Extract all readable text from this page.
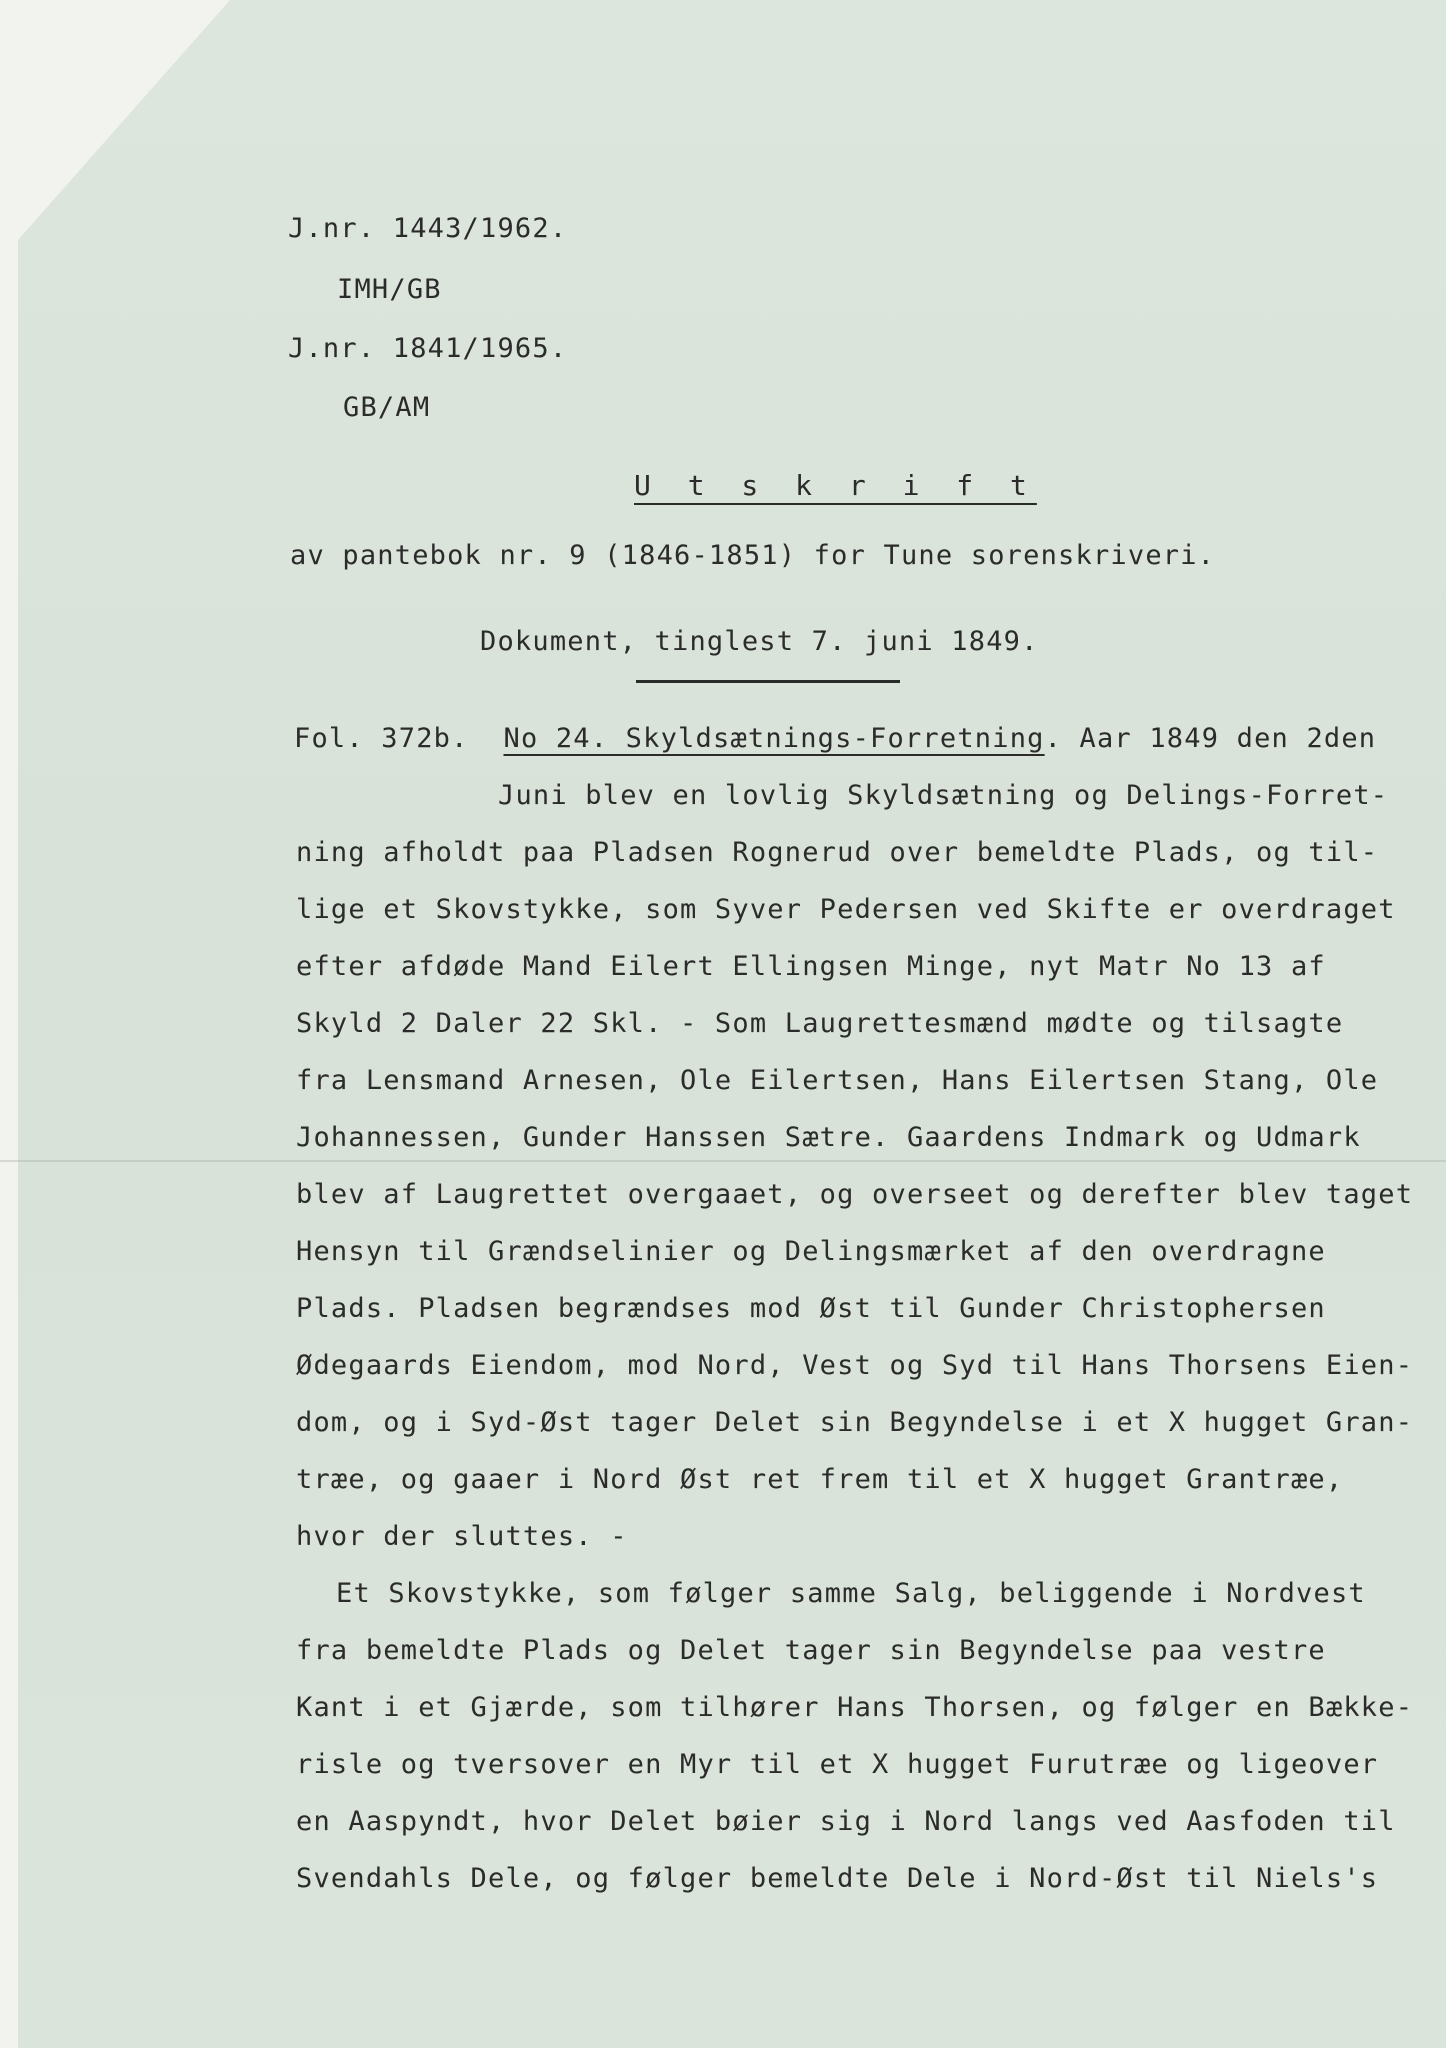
J.nr. 1443/1962.

IMH/GB

J.nr. 1841/1965.

GB/AM

U t s k r i f t

av pantebok nr. 9 (1846-1851) for Tune sorenskriveri.

Dokument, tinglest 7. juni 1849.

Fol. 372b. No 24. Skyldsætnings-Forretning. Aar 1849 den 2den

Juni blev en lovlig Skyldsætning og Delings-Forret-

ning afholdt paa Pladsen Rognerud over bemeldte Plads, og til-

lige et Skovstykke, som Syver Pedersen ved Skifte er overdraget

efter afdøde Mand Eilert Ellingsen Minge, nyt Matr No 13 af

Skyld 2 Daler 22 Skl. - Som Laugrettesmænd mødte og tilsagte

fra Lensmand Arnesen, Ole Eilertsen, Hans Eilertsen Stang, Ole

Johannessen, Gunder Hanssen Sætre. Gaardens Indmark og Udmark

blev af Laugrettet overgaaet, og overseet og derefter blev taget

Hensyn til Grændselinier og Delingsmærket af den overdragne

Plads. Pladsen begrændses mod Øst til Gunder Christophersen

Ødegaards Eiendom, mod Nord, Vest og Syd til Hans Thorsens Eien-

dom, og i Syd-Øst tager Delet sin Begyndelse i et X hugget Gran-

træe, og gaaer i Nord Øst ret frem til et X hugget Grantræe,

hvor der sluttes. -

Et Skovstykke, som følger samme Salg, beliggende i Nordvest

fra bemeldte Plads og Delet tager sin Begyndelse paa vestre

Kant i et Gjærde, som tilhører Hans Thorsen, og følger en Bække-

risle og tversover en Myr til et X hugget Furutræe og ligeover

en Aaspyndt, hvor Delet bøier sig i Nord langs ved Aasfoden til

Svendahls Dele, og følger bemeldte Dele i Nord-Øst til Niels's
